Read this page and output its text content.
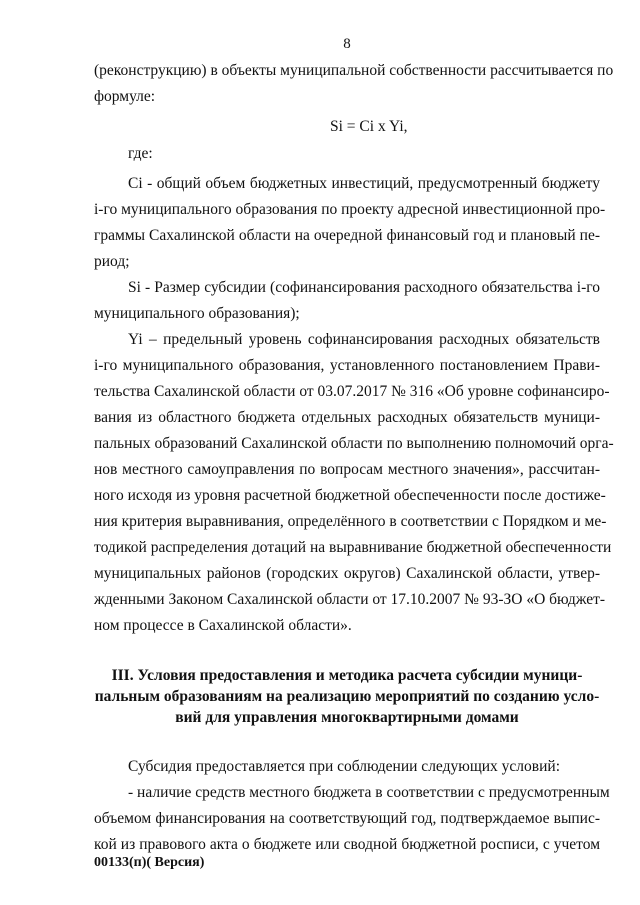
8
(реконструкцию) в объекты муниципальной собственности рассчитывается по
формуле:
Si = Ci x Yi,
где:
Ci - общий объем бюджетных инвестиций, предусмотренный бюджету
i-го муниципального образования по проекту адресной инвестиционной про-
граммы Сахалинской области на очередной финансовый год и плановый пе-
риод;
Si - Размер субсидии (софинансирования расходного обязательства i-го
муниципального образования);
Yi – предельный уровень софинансирования расходных обязательств
i-го муниципального образования, установленного постановлением Прави-
тельства Сахалинской области от 03.07.2017 № 316 «Об уровне софинансиро-
вания из областного бюджета отдельных расходных обязательств муници-
пальных образований Сахалинской области по выполнению полномочий орга-
нов местного самоуправления по вопросам местного значения», рассчитан-
ного исходя из уровня расчетной бюджетной обеспеченности после достиже-
ния критерия выравнивания, определённого в соответствии с Порядком и ме-
тодикой распределения дотаций на выравнивание бюджетной обеспеченности
муниципальных районов (городских округов) Сахалинской области, утвер-
жденными Законом Сахалинской области от 17.10.2007 № 93-ЗО «О бюджет-
ном процессе в Сахалинской области».
III. Условия предоставления и методика расчета субсидии муници-
пальным образованиям на реализацию мероприятий по созданию усло-
вий для управления многоквартирными домами
Субсидия предоставляется при соблюдении следующих условий:
- наличие средств местного бюджета в соответствии с предусмотренным
объемом финансирования на соответствующий год, подтверждаемое выпис-
кой из правового акта о бюджете или сводной бюджетной росписи, с учетом
00133(п)( Версия)
